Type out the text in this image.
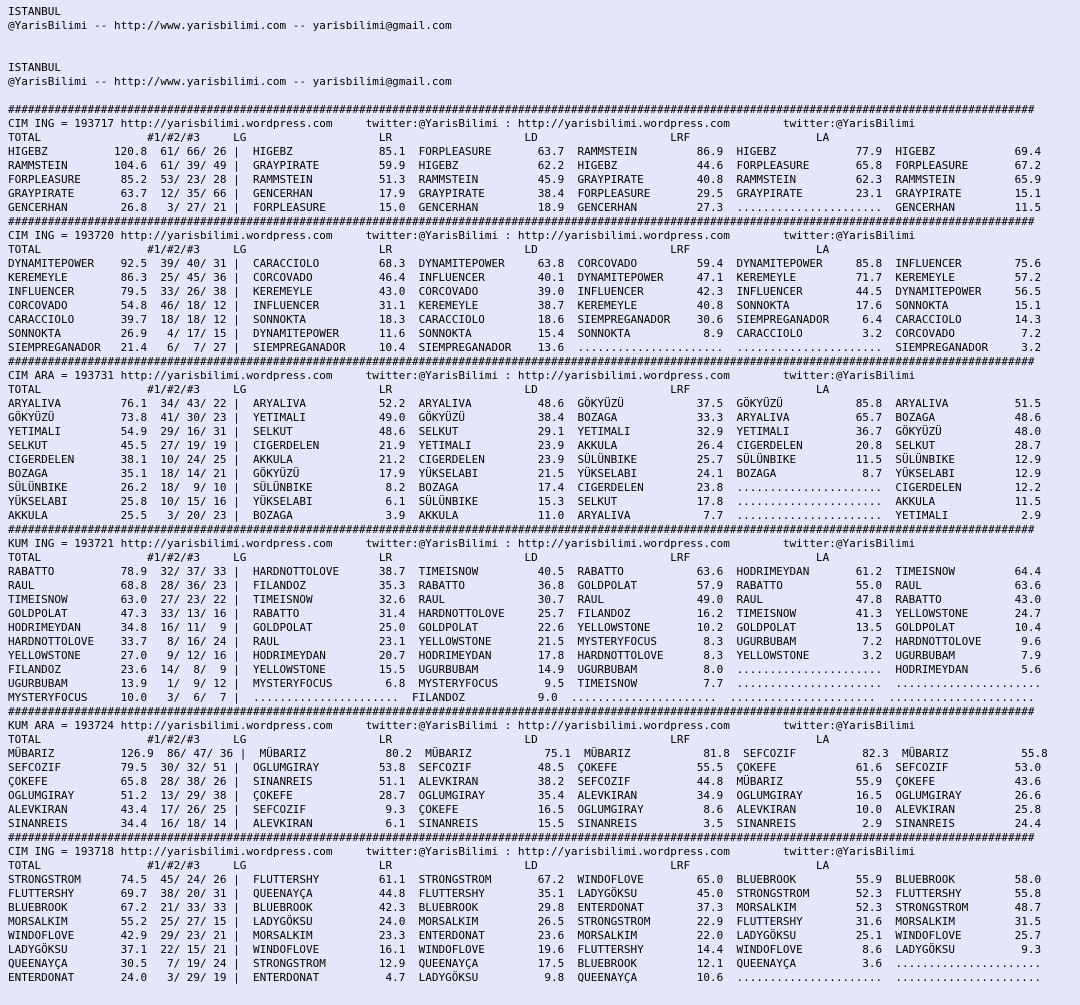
ISTANBUL
@YarisBilimi -- http://www.yarisbilimi.com -- yarisbilimi@gmail.com
ISTANBUL
@YarisBilimi -- http://www.yarisbilimi.com -- yarisbilimi@gmail.com
###########################################################################################################################################################
CIM ING = 193717 http://yarisbilimi.wordpress.com     twitter:@YarisBilimi : http://yarisbilimi.wordpress.com        twitter:@YarisBilimi
TOTAL                #1/#2/#3     LG                    LR                    LD                    LRF                   LA
HIGEBZ          120.8  61/ 66/ 26 |  HIGEBZ             85.1  FORPLEASURE       63.7  RAMMSTEIN         86.9  HIGEBZ            77.9  HIGEBZ            69.4
RAMMSTEIN       104.6  61/ 39/ 49 |  GRAYPIRATE         59.9  HIGEBZ            62.2  HIGEBZ            44.6  FORPLEASURE       65.8  FORPLEASURE       67.2
FORPLEASURE      85.2  53/ 23/ 28 |  RAMMSTEIN          51.3  RAMMSTEIN         45.9  GRAYPIRATE        40.8  RAMMSTEIN         62.3  RAMMSTEIN         65.9
GRAYPIRATE       63.7  12/ 35/ 66 |  GENCERHAN          17.9  GRAYPIRATE        38.4  FORPLEASURE       29.5  GRAYPIRATE        23.1  GRAYPIRATE        15.1
GENCERHAN        26.8   3/ 27/ 21 |  FORPLEASURE        15.0  GENCERHAN         18.9  GENCERHAN         27.3  ......................  GENCERHAN         11.5
###########################################################################################################################################################
CIM ING = 193720 http://yarisbilimi.wordpress.com     twitter:@YarisBilimi : http://yarisbilimi.wordpress.com        twitter:@YarisBilimi
TOTAL                #1/#2/#3     LG                    LR                    LD                    LRF                   LA
DYNAMITEPOWER    92.5  39/ 40/ 31 |  CARACCIOLO         68.3  DYNAMITEPOWER     63.8  CORCOVADO         59.4  DYNAMITEPOWER     85.8  INFLUENCER        75.6
KEREMEYLE        86.3  25/ 45/ 36 |  CORCOVADO          46.4  INFLUENCER        40.1  DYNAMITEPOWER     47.1  KEREMEYLE         71.7  KEREMEYLE         57.2
INFLUENCER       79.5  33/ 26/ 38 |  KEREMEYLE          43.0  CORCOVADO         39.0  INFLUENCER        42.3  INFLUENCER        44.5  DYNAMITEPOWER     56.5
CORCOVADO        54.8  46/ 18/ 12 |  INFLUENCER         31.1  KEREMEYLE         38.7  KEREMEYLE         40.8  SONNOKTA          17.6  SONNOKTA          15.1
CARACCIOLO       39.7  18/ 18/ 12 |  SONNOKTA           18.3  CARACCIOLO        18.6  SIEMPREGANADOR    30.6  SIEMPREGANADOR     6.4  CARACCIOLO        14.3
SONNOKTA         26.9   4/ 17/ 15 |  DYNAMITEPOWER      11.6  SONNOKTA          15.4  SONNOKTA           8.9  CARACCIOLO         3.2  CORCOVADO          7.2
SIEMPREGANADOR   21.4   6/  7/ 27 |  SIEMPREGANADOR     10.4  SIEMPREGANADOR    13.6  ......................  ......................  SIEMPREGANADOR     3.2
###########################################################################################################################################################
CIM ARA = 193731 http://yarisbilimi.wordpress.com     twitter:@YarisBilimi : http://yarisbilimi.wordpress.com        twitter:@YarisBilimi
TOTAL                #1/#2/#3     LG                    LR                    LD                    LRF                   LA
ARYALIVA         76.1  34/ 43/ 22 |  ARYALIVA           52.2  ARYALIVA          48.6  GÖKYÜZÜ           37.5  GÖKYÜZÜ           85.8  ARYALIVA          51.5
GÖKYÜZÜ          73.8  41/ 30/ 23 |  YETIMALI           49.0  GÖKYÜZÜ           38.4  BOZAGA            33.3  ARYALIVA          65.7  BOZAGA            48.6
YETIMALI         54.9  29/ 16/ 31 |  SELKUT             48.6  SELKUT            29.1  YETIMALI          32.9  YETIMALI          36.7  GÖKYÜZÜ           48.0
SELKUT           45.5  27/ 19/ 19 |  CIGERDELEN         21.9  YETIMALI          23.9  AKKULA            26.4  CIGERDELEN        20.8  SELKUT            28.7
CIGERDELEN       38.1  10/ 24/ 25 |  AKKULA             21.2  CIGERDELEN        23.9  SÜLÜNBIKE         25.7  SÜLÜNBIKE         11.5  SÜLÜNBIKE         12.9
BOZAGA           35.1  18/ 14/ 21 |  GÖKYÜZÜ            17.9  YÜKSELABI         21.5  YÜKSELABI         24.1  BOZAGA             8.7  YÜKSELABI         12.9
SÜLÜNBIKE        26.2  18/  9/ 10 |  SÜLÜNBIKE           8.2  BOZAGA            17.4  CIGERDELEN        23.8  ......................  CIGERDELEN        12.2
YÜKSELABI        25.8  10/ 15/ 16 |  YÜKSELABI           6.1  SÜLÜNBIKE         15.3  SELKUT            17.8  ......................  AKKULA            11.5
AKKULA           25.5   3/ 20/ 23 |  BOZAGA              3.9  AKKULA            11.0  ARYALIVA           7.7  ......................  YETIMALI           2.9
###########################################################################################################################################################
KUM ING = 193721 http://yarisbilimi.wordpress.com     twitter:@YarisBilimi : http://yarisbilimi.wordpress.com        twitter:@YarisBilimi
TOTAL                #1/#2/#3     LG                    LR                    LD                    LRF                   LA
RABATTO          78.9  32/ 37/ 33 |  HARDNOTTOLOVE      38.7  TIMEISNOW         40.5  RABATTO           63.6  HODRIMEYDAN       61.2  TIMEISNOW         64.4
RAUL             68.8  28/ 36/ 23 |  FILANDOZ           35.3  RABATTO           36.8  GOLDPOLAT         57.9  RABATTO           55.0  RAUL              63.6
TIMEISNOW        63.0  27/ 23/ 22 |  TIMEISNOW          32.6  RAUL              30.7  RAUL              49.0  RAUL              47.8  RABATTO           43.0
GOLDPOLAT        47.3  33/ 13/ 16 |  RABATTO            31.4  HARDNOTTOLOVE     25.7  FILANDOZ          16.2  TIMEISNOW         41.3  YELLOWSTONE       24.7
HODRIMEYDAN      34.8  16/ 11/  9 |  GOLDPOLAT          25.0  GOLDPOLAT         22.6  YELLOWSTONE       10.2  GOLDPOLAT         13.5  GOLDPOLAT         10.4
HARDNOTTOLOVE    33.7   8/ 16/ 24 |  RAUL               23.1  YELLOWSTONE       21.5  MYSTERYFOCUS       8.3  UGURBUBAM          7.2  HARDNOTTOLOVE      9.6
YELLOWSTONE      27.0   9/ 12/ 16 |  HODRIMEYDAN        20.7  HODRIMEYDAN       17.8  HARDNOTTOLOVE      8.3  YELLOWSTONE        3.2  UGURBUBAM          7.9
FILANDOZ         23.6  14/  8/  9 |  YELLOWSTONE        15.5  UGURBUBAM         14.9  UGURBUBAM          8.0  ......................  HODRIMEYDAN        5.6
UGURBUBAM        13.9   1/  9/ 12 |  MYSTERYFOCUS        6.8  MYSTERYFOCUS       9.5  TIMEISNOW          7.7  ......................  ......................
MYSTERYFOCUS     10.0   3/  6/  7 |  ......................  FILANDOZ           9.0  ......................  ......................  ......................
###########################################################################################################################################################
KUM ARA = 193724 http://yarisbilimi.wordpress.com     twitter:@YarisBilimi : http://yarisbilimi.wordpress.com        twitter:@YarisBilimi
TOTAL                #1/#2/#3     LG                    LR                    LD                    LRF                   LA
MÜBARIZ          126.9  86/ 47/ 36 |  MÜBARIZ            80.2  MÜBARIZ           75.1  MÜBARIZ           81.8  SEFCOZIF          82.3  MÜBARIZ           55.8
SEFCOZIF         79.5  30/ 32/ 51 |  OGLUMGIRAY         53.8  SEFCOZIF          48.5  ÇOKEFE            55.5  ÇOKEFE            61.6  SEFCOZIF          53.0
ÇOKEFE           65.8  28/ 38/ 26 |  SINANREIS          51.1  ALEVKIRAN         38.2  SEFCOZIF          44.8  MÜBARIZ           55.9  ÇOKEFE            43.6
OGLUMGIRAY       51.2  13/ 29/ 38 |  ÇOKEFE             28.7  OGLUMGIRAY        35.4  ALEVKIRAN         34.9  OGLUMGIRAY        16.5  OGLUMGIRAY        26.6
ALEVKIRAN        43.4  17/ 26/ 25 |  SEFCOZIF            9.3  ÇOKEFE            16.5  OGLUMGIRAY         8.6  ALEVKIRAN         10.0  ALEVKIRAN         25.8
SINANREIS        34.4  16/ 18/ 14 |  ALEVKIRAN           6.1  SINANREIS         15.5  SINANREIS          3.5  SINANREIS          2.9  SINANREIS         24.4
###########################################################################################################################################################
CIM ING = 193718 http://yarisbilimi.wordpress.com     twitter:@YarisBilimi : http://yarisbilimi.wordpress.com        twitter:@YarisBilimi
TOTAL                #1/#2/#3     LG                    LR                    LD                    LRF                   LA
STRONGSTROM      74.5  45/ 24/ 26 |  FLUTTERSHY         61.1  STRONGSTROM       67.2  WINDOFLOVE        65.0  BLUEBROOK         55.9  BLUEBROOK         58.0
FLUTTERSHY       69.7  38/ 20/ 31 |  QUEENAYÇA          44.8  FLUTTERSHY        35.1  LADYGÖKSU         45.0  STRONGSTROM       52.3  FLUTTERSHY        55.8
BLUEBROOK        67.2  21/ 33/ 33 |  BLUEBROOK          42.3  BLUEBROOK         29.8  ENTERDONAT        37.3  MORSALKIM         52.3  STRONGSTROM       48.7
MORSALKIM        55.2  25/ 27/ 15 |  LADYGÖKSU          24.0  MORSALKIM         26.5  STRONGSTROM       22.9  FLUTTERSHY        31.6  MORSALKIM         31.5
WINDOFLOVE       42.9  29/ 23/ 21 |  MORSALKIM          23.3  ENTERDONAT        23.6  MORSALKIM         22.0  LADYGÖKSU         25.1  WINDOFLOVE        25.7
LADYGÖKSU        37.1  22/ 15/ 21 |  WINDOFLOVE         16.1  WINDOFLOVE        19.6  FLUTTERSHY        14.4  WINDOFLOVE         8.6  LADYGÖKSU          9.3
QUEENAYÇA        30.5   7/ 19/ 24 |  STRONGSTROM        12.9  QUEENAYÇA         17.5  BLUEBROOK         12.1  QUEENAYÇA          3.6  ......................
ENTERDONAT       24.0   3/ 29/ 19 |  ENTERDONAT          4.7  LADYGÖKSU          9.8  QUEENAYÇA         10.6  ......................  ......................
